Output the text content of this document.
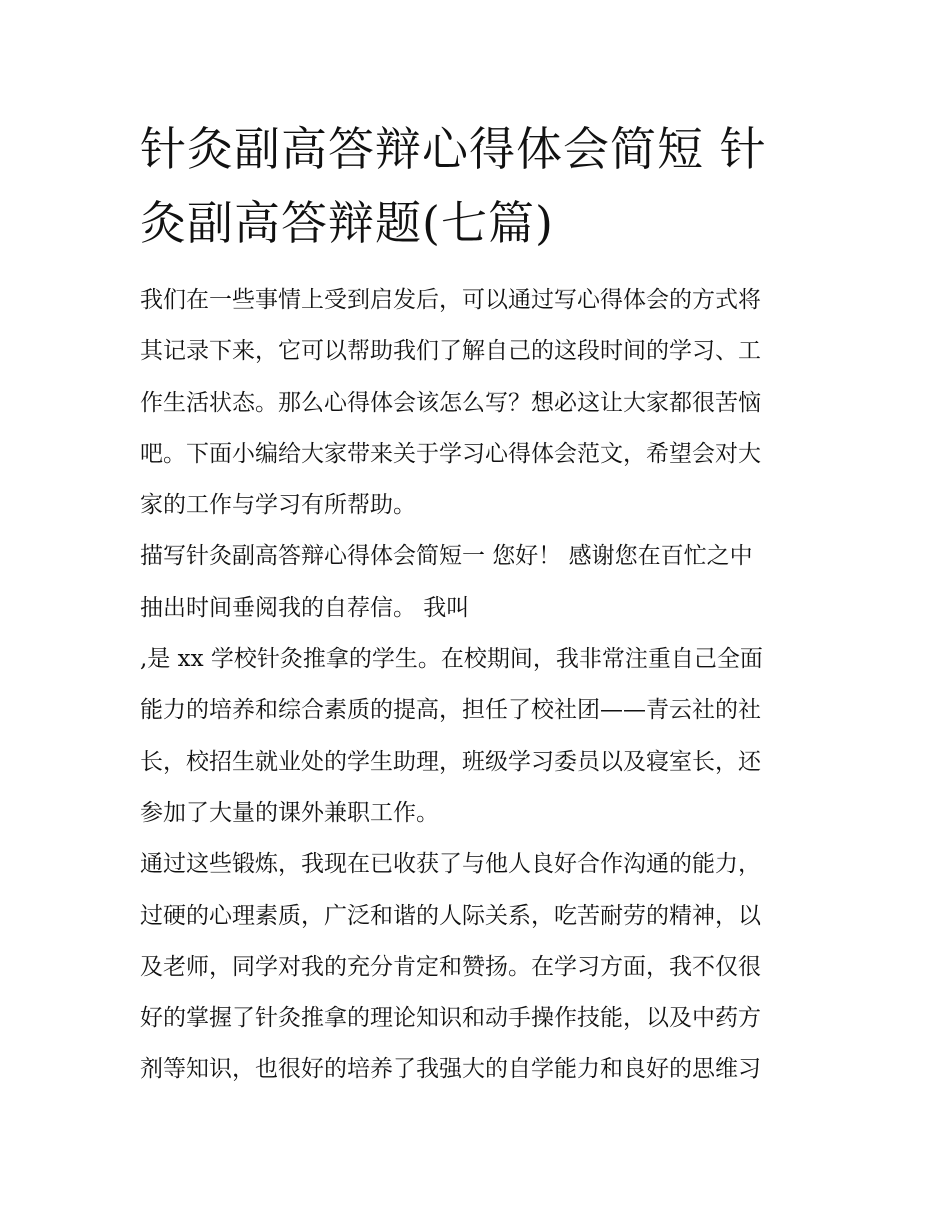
针灸副高答辩心得体会简短 针
灸副高答辩题(七篇)
我们在一些事情上受到启发后，可以通过写心得体会的方式将
其记录下来，它可以帮助我们了解自己的这段时间的学习、工
作生活状态。那么心得体会该怎么写？想必这让大家都很苦恼
吧。下面小编给大家带来关于学习心得体会范文，希望会对大
家的工作与学习有所帮助。
描写针灸副高答辩心得体会简短一 您好！ 感谢您在百忙之中
抽出时间垂阅我的自荐信。 我叫
,是 xx 学校针灸推拿的学生。在校期间，我非常注重自己全面
能力的培养和综合素质的提高，担任了校社团——青云社的社
长，校招生就业处的学生助理，班级学习委员以及寝室长，还
参加了大量的课外兼职工作。
通过这些锻炼，我现在已收获了与他人良好合作沟通的能力，
过硬的心理素质，广泛和谐的人际关系，吃苦耐劳的精神，以
及老师，同学对我的充分肯定和赞扬。在学习方面，我不仅很
好的掌握了针灸推拿的理论知识和动手操作技能，以及中药方
剂等知识，也很好的培养了我强大的自学能力和良好的思维习
